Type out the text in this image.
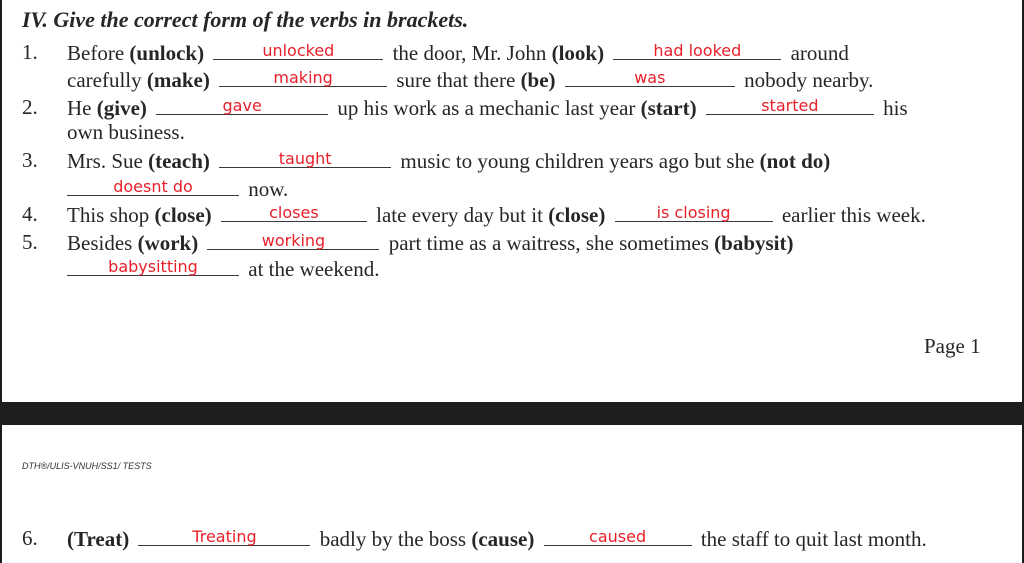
IV. Give the correct form of the verbs in brackets.
1. Before (unlock)	unlocked	the door, Mr. John (look)	had looked	around
carefully (make)	making	sure that there (be)	was	nobody nearby.
2. He (give)	gave	up his work as a mechanic last year (start)	started	his
own business.
3. Mrs. Sue (teach)	taught	music to young children years ago but she (not do)
doesnt do	now.
4. This shop (close)	closes	late every day but it (close)	is closing	earlier this week.
5. Besides (work)	working	part time as a waitress, she sometimes (babysit)
babysitting	at the weekend.
Page 1
DTH®/ULIS-VNUH/SS1/ TESTS
6. (Treat)	Treating	badly by the boss (cause)	caused	the staff to quit last month.
